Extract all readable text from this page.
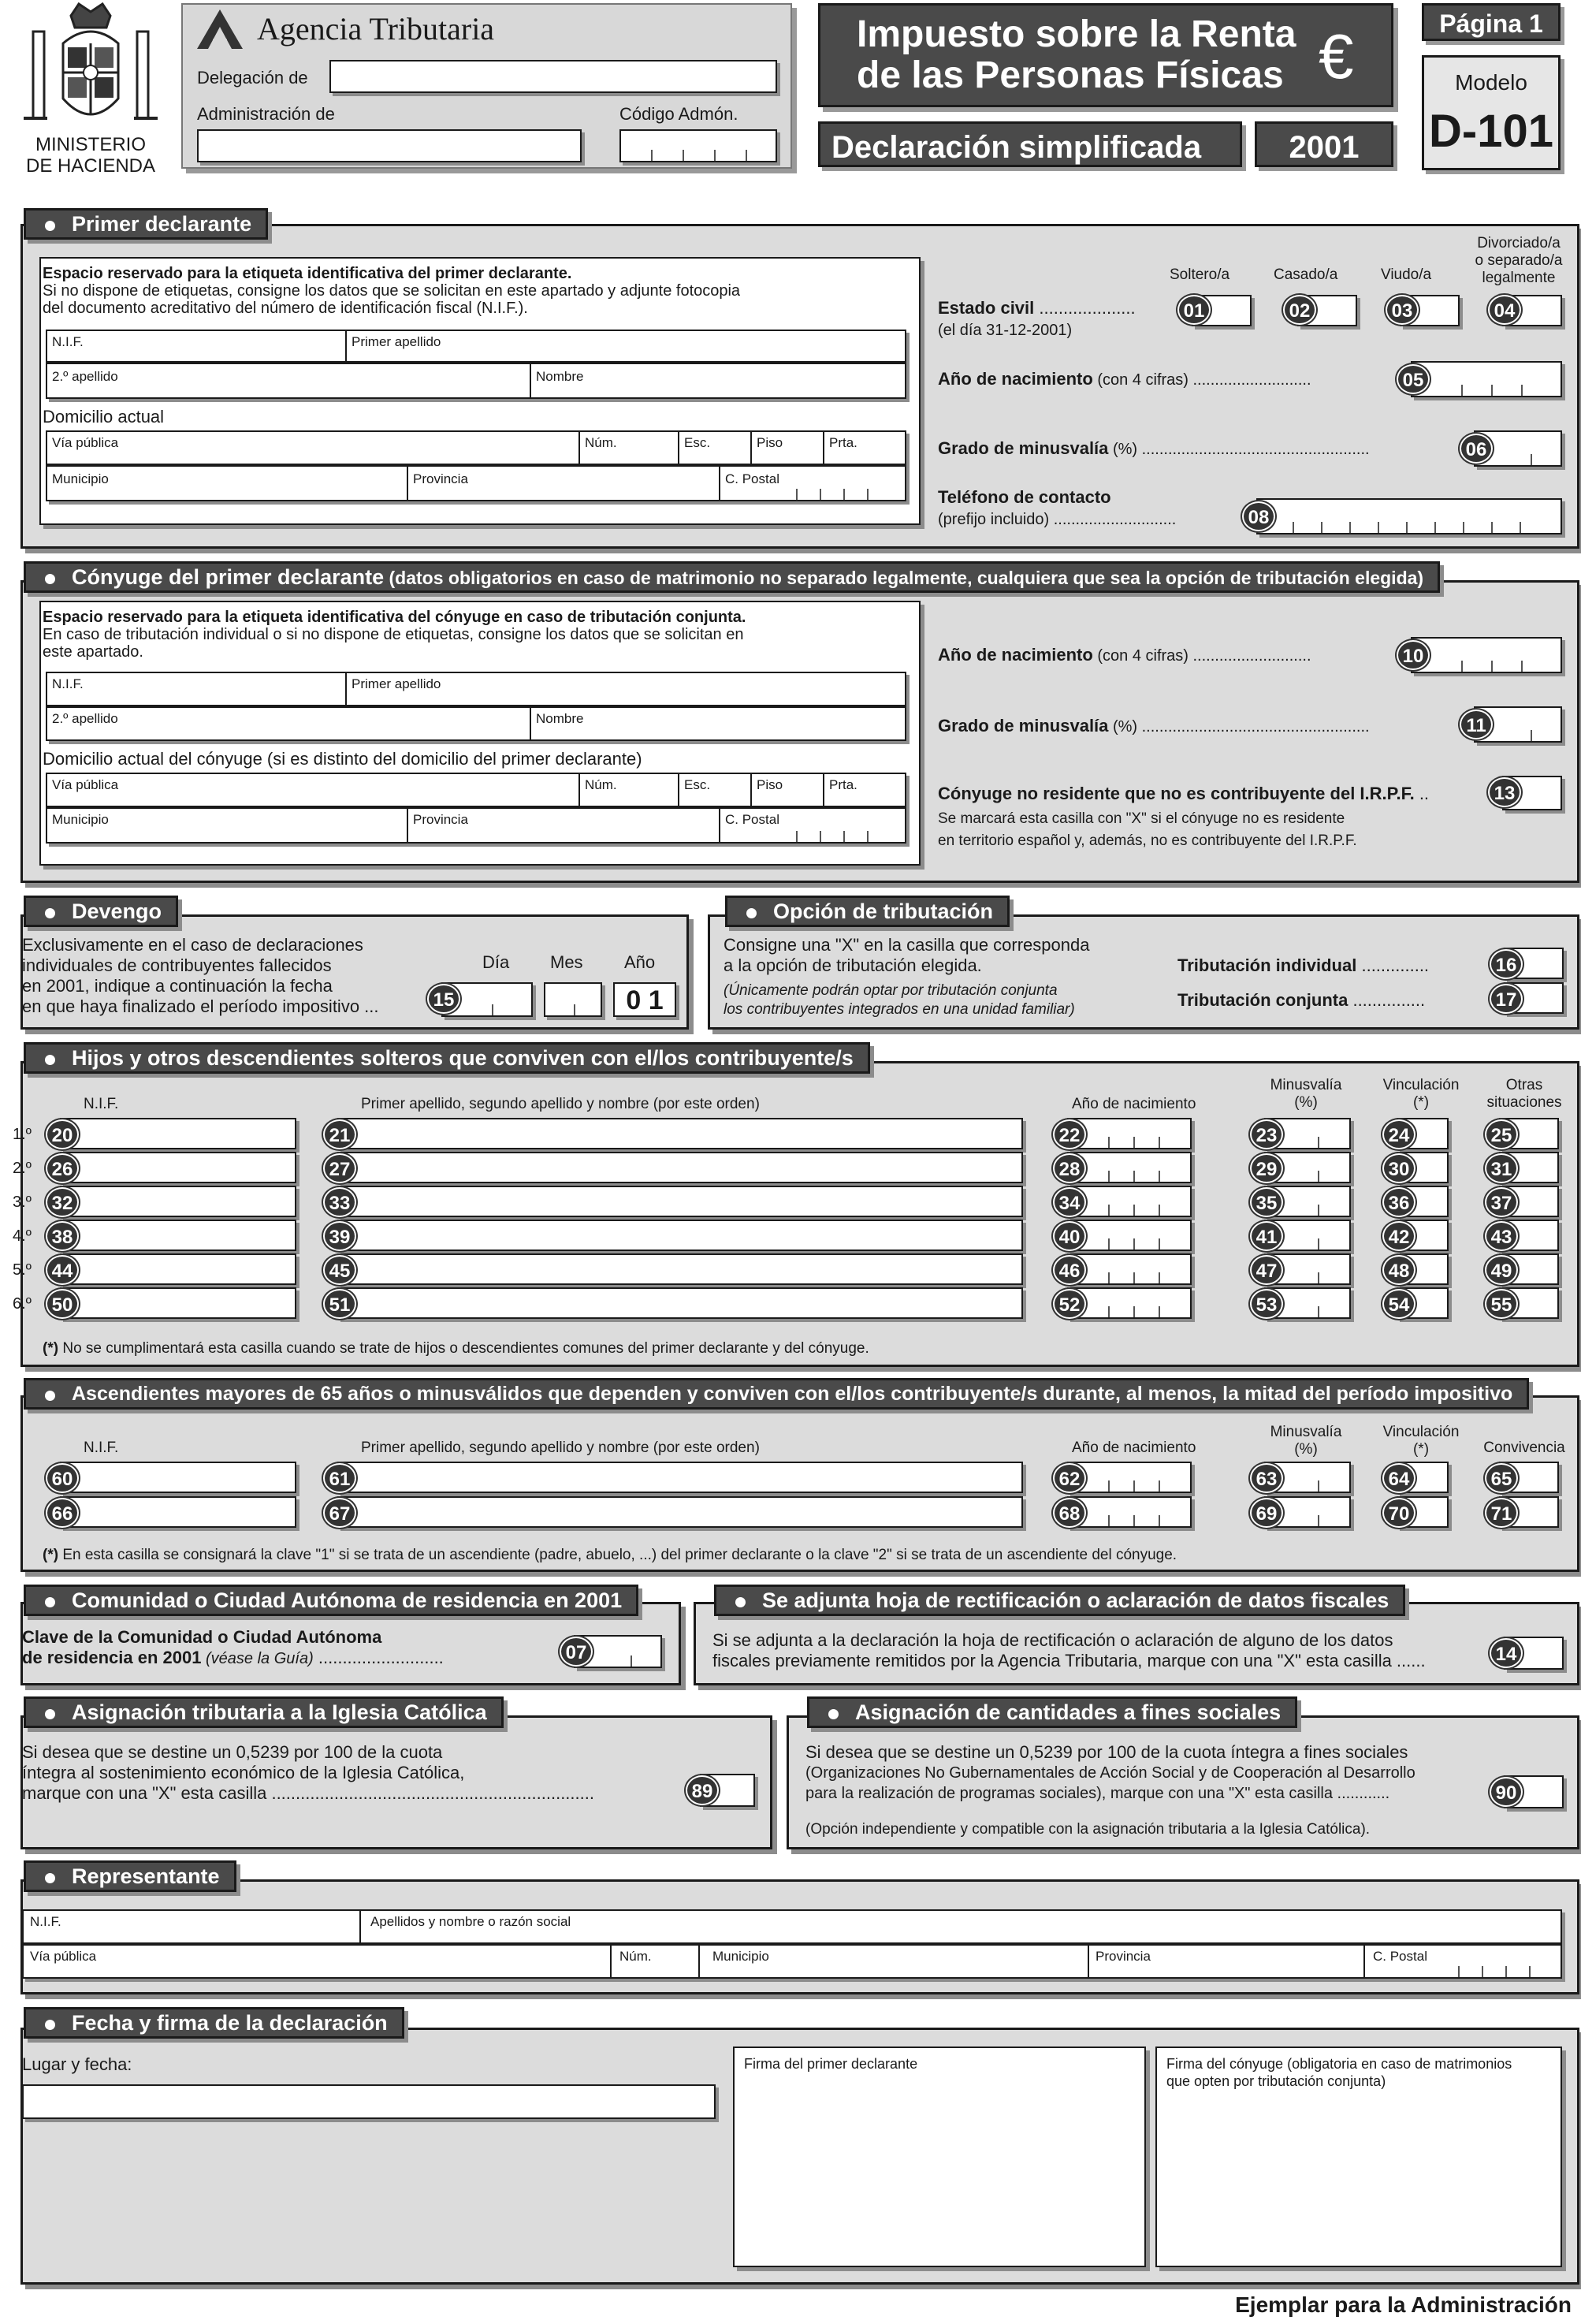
MINISTERIO
DE HACIENDA
Agencia Tributaria
Delegación de
Administración de	Código Admón.
Impuesto sobre la Renta
de las Personas Físicas €
Declaración simplificada	2001
Página 1
Modelo
D-101
Primer declarante
Espacio reservado para la etiqueta identificativa del primer declarante.
Si no dispone de etiquetas, consigne los datos que se solicitan en este apartado y adjunte fotocopia
del documento acreditativo del número de identificación fiscal (N.I.F.).
N.I.F.	Primer apellido
2.º apellido	Nombre
Domicilio actual
Vía pública	Núm.	Esc.	Piso	Prta.
Municipio	Provincia	C. Postal
Soltero/a	Casado/a	Viudo/a
Divorciado/a
o separado/a
legalmente
Estado civil ....................
(el día 31-12-2001)
01	02	03	04
Año de nacimiento (con 4 cifras) ...........................	05
Grado de minusvalía (%) ....................................................	06
Teléfono de contacto
(prefijo incluido) ............................	08
Cónyuge del primer declarante (datos obligatorios en caso de matrimonio no separado legalmente, cualquiera que sea la opción de tributación elegida)
Espacio reservado para la etiqueta identificativa del cónyuge en caso de tributación conjunta.
En caso de tributación individual o si no dispone de etiquetas, consigne los datos que se solicitan en
este apartado.
N.I.F.	Primer apellido
2.º apellido	Nombre
Domicilio actual del cónyuge (si es distinto del domicilio del primer declarante)
Vía pública	Núm.	Esc.	Piso	Prta.
Municipio	Provincia	C. Postal
Año de nacimiento (con 4 cifras) ...........................	10
Grado de minusvalía (%) ....................................................	11
Cónyuge no residente que no es contribuyente del I.R.P.F. ..
Se marcará esta casilla con "X" si el cónyuge no es residente
en territorio español y, además, no es contribuyente del I.R.P.F.
13
Devengo
Exclusivamente en el caso de declaraciones
individuales de contribuyentes fallecidos
en 2001, indique a continuación la fecha
en que haya finalizado el período impositivo ...
Día Mes Año
15	0 1
Opción de tributación
Consigne una "X" en la casilla que corresponda
a la opción de tributación elegida.
(Únicamente podrán optar por tributación conjunta
los contribuyentes integrados en una unidad familiar)
Tributación individual ..............
Tributación conjunta ...............
16
17
Hijos y otros descendientes solteros que conviven con el/los contribuyente/s
N.I.F.	Primer apellido, segundo apellido y nombre (por este orden)	Año de nacimiento
Minusvalía
(%)
Vinculación
(*)
Otras
situaciones
1.º	20	21	22	23	24	25
2.º	26	27	28	29	30	31
3.º	32	33	34	35	36	37
4.º	38	39	40	41	42	43
5.º	44	45	46	47	48	49
6.º	50	51	52	53	54	55
(*) No se cumplimentará esta casilla cuando se trate de hijos o descendientes comunes del primer declarante y del cónyuge.
Ascendientes mayores de 65 años o minusválidos que dependen y conviven con el/los contribuyente/s durante, al menos, la mitad del período impositivo
N.I.F.	Primer apellido, segundo apellido y nombre (por este orden)	Año de nacimiento
Minusvalía
(%)
Vinculación
(*)	Convivencia
60	61	62	63	64	65
66	67	68	69	70	71
(*) En esta casilla se consignará la clave "1" si se trata de un ascendiente (padre, abuelo, ...) del primer declarante o la clave "2" si se trata de un ascendiente del cónyuge.
Comunidad o Ciudad Autónoma de residencia en 2001
Clave de la Comunidad o Ciudad Autónoma
de residencia en 2001 (véase la Guía) ..........................	07
Se adjunta hoja de rectificación o aclaración de datos fiscales
Si se adjunta a la declaración la hoja de rectificación o aclaración de alguno de los datos
fiscales previamente remitidos por la Agencia Tributaria, marque con una "X" esta casilla ......	14
Asignación tributaria a la Iglesia Católica
Si desea que se destine un 0,5239 por 100 de la cuota
íntegra al sostenimiento económico de la Iglesia Católica,
marque con una "X" esta casilla ...................................................................	89
Asignación de cantidades a fines sociales
Si desea que se destine un 0,5239 por 100 de la cuota íntegra a fines sociales
(Organizaciones No Gubernamentales de Acción Social y de Cooperación al Desarrollo
para la realización de programas sociales), marque con una "X" esta casilla ............
(Opción independiente y compatible con la asignación tributaria a la Iglesia Católica).
90
Representante
N.I.F.	Apellidos y nombre o razón social
Vía pública	Núm.	Municipio	Provincia	C. Postal
Fecha y firma de la declaración
Lugar y fecha:	Firma del primer declarante	Firma del cónyuge (obligatoria en caso de matrimonios
que opten por tributación conjunta)
Ejemplar para la Administración
